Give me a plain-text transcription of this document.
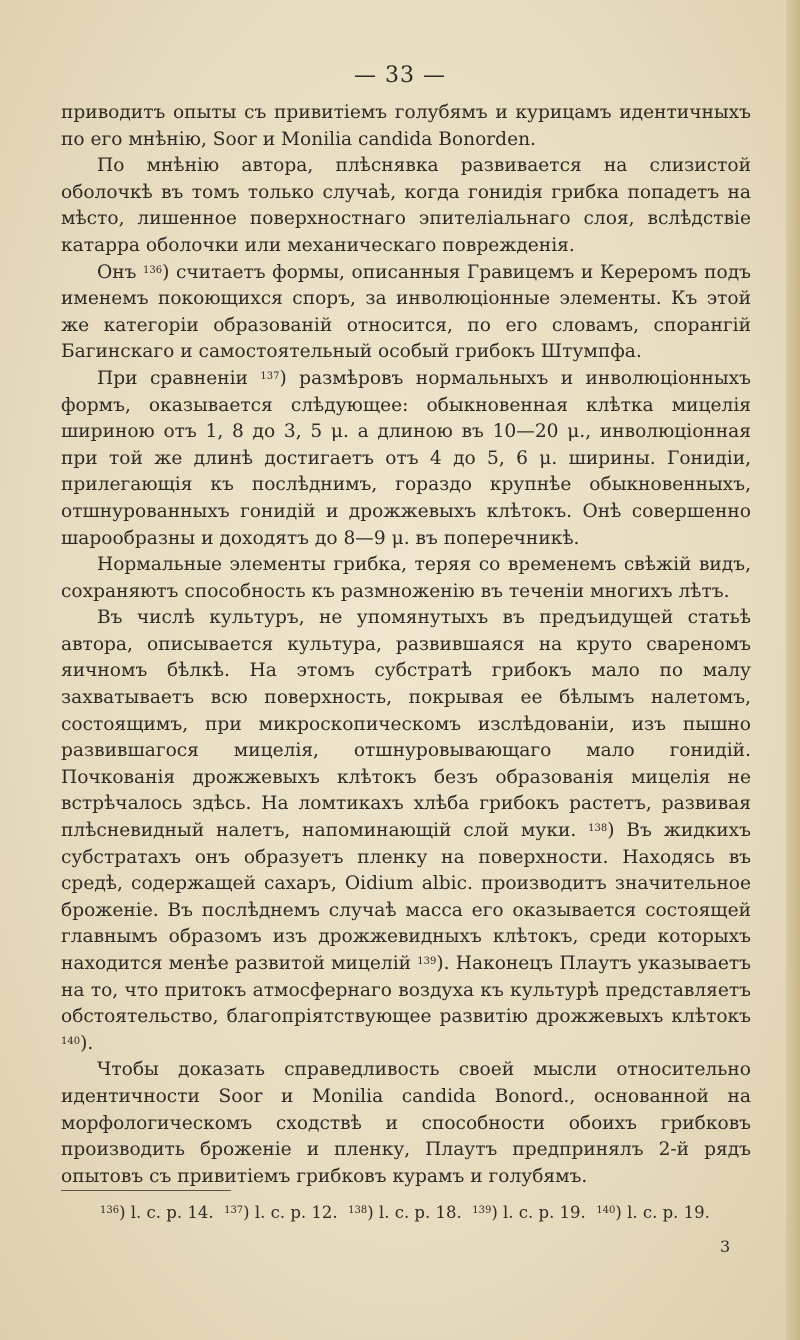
— 33 —

приводитъ опыты съ привитіемъ голубямъ и курицамъ идентичныхъ по его мнѣнію, Soor и Moniliа candida Bonorden.

По мнѣнію автора, плѣснявка развивается на слизистой оболочкѣ въ томъ только случаѣ, когда гонидія грибка попадетъ на мѣсто, лишенное поверхностнаго эпителіальнаго слоя, вслѣдствіе катарра оболочки или механическаго поврежденія.

Онъ $^{136}$) считаетъ формы, описанныя Гравицемъ и Кереромъ подъ именемъ покоющихся споръ, за инволюціонные элементы. Къ этой же категоріи образованій относится, по его словамъ, спорангій Багинскаго и самостоятельный особый грибокъ Штумпфа.

При сравненіи $^{137}$) размѣровъ нормальныхъ и инволюціонныхъ формъ, оказывается слѣдующее: обыкновенная клѣтка мицелія шириною отъ 1, 8 до 3, 5 μ. а длиною въ 10—20 μ., инволюціонная при той же длинѣ достигаетъ отъ 4 до 5, 6 μ. ширины. Гонидіи, прилегающія къ послѣднимъ, гораздо крупнѣе обыкновенныхъ, отшнурованныхъ гонидій и дрожжевыхъ клѣтокъ. Онѣ совершенно шарообразны и доходятъ до 8—9 μ. въ поперечникѣ.

Нормальные элементы грибка, теряя со временемъ свѣжій видъ, сохраняютъ способность къ размноженію въ теченіи многихъ лѣтъ.

Въ числѣ культуръ, не упомянутыхъ въ предъидущей статьѣ автора, описывается культура, развившаяся на круто свареномъ яичномъ бѣлкѣ. На этомъ субстратѣ грибокъ мало по малу захватываетъ всю поверхность, покрывая ее бѣлымъ налетомъ, состоящимъ, при микроскопическомъ изслѣдованіи, изъ пышно развившагося мицелія, отшнуровывающаго мало гонидій. Почкованія дрожжевыхъ клѣтокъ безъ образованія мицелія не встрѣчалось здѣсь. На ломтикахъ хлѣба грибокъ растетъ, развивая плѣсневидный налетъ, напоминающій слой муки. $^{138}$) Въ жидкихъ субстратахъ онъ образуетъ пленку на поверхности. Находясь въ средѣ, содержащей сахаръ, Oidium albic. производитъ значительное броженіе. Въ послѣднемъ случаѣ масса его оказывается состоящей главнымъ образомъ изъ дрожжевидныхъ клѣтокъ, среди которыхъ находится менѣе развитой мицелій $^{139}$). Наконецъ Плаутъ указываетъ на то, что притокъ атмосфернаго воздуха къ культурѣ представляетъ обстоятельство, благопріятствующее развитію дрожжевыхъ клѣтокъ $^{140}$).

Чтобы доказать справедливость своей мысли относительно идентичности Soor и Moniliа candida Bonord., основанной на морфологическомъ сходствѣ и способности обоихъ грибковъ производить броженіе и пленку, Плаутъ предпринялъ 2-й рядъ опытовъ съ привитіемъ грибковъ курамъ и голубямъ.

$^{136}$) l. c. p. 14. $^{137}$) l. c. p. 12. $^{138}$) l. c. p. 18. $^{139}$) l. c. p. 19. $^{140}$) l. c. p. 19.
3
